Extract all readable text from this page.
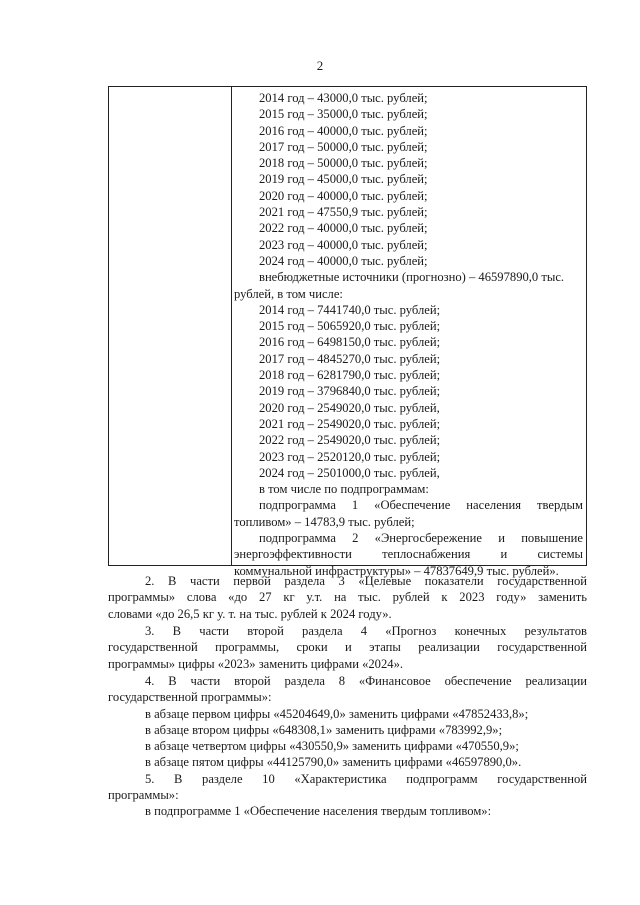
2
2014 год – 43000,0 тыс. рублей;
2015 год – 35000,0 тыс. рублей;
2016 год – 40000,0 тыс. рублей;
2017 год – 50000,0 тыс. рублей;
2018 год – 50000,0 тыс. рублей;
2019 год – 45000,0 тыс. рублей;
2020 год – 40000,0 тыс. рублей;
2021 год – 47550,9 тыс. рублей;
2022 год – 40000,0 тыс. рублей;
2023 год – 40000,0 тыс. рублей;
2024 год – 40000,0 тыс. рублей;
внебюджетные источники (прогнозно) – 46597890,0 тыс.
рублей, в том числе:
2014 год – 7441740,0 тыс. рублей;
2015 год – 5065920,0 тыс. рублей;
2016 год – 6498150,0 тыс. рублей;
2017 год – 4845270,0 тыс. рублей;
2018 год – 6281790,0 тыс. рублей;
2019 год – 3796840,0 тыс. рублей;
2020 год – 2549020,0 тыс. рублей,
2021 год – 2549020,0 тыс. рублей;
2022 год – 2549020,0 тыс. рублей;
2023 год – 2520120,0 тыс. рублей;
2024 год – 2501000,0 тыс. рублей,
в том числе по подпрограммам:
подпрограмма 1 «Обеспечение населения твердым
топливом» – 14783,9 тыс. рублей;
подпрограмма 2 «Энергосбережение и повышение
энергоэффективности теплоснабжения и системы
коммунальной инфраструктуры» – 47837649,9 тыс. рублей».
2. В части первой раздела 3 «Целевые показатели государственной
программы» слова «до 27 кг у.т. на тыс. рублей к 2023 году» заменить
словами «до 26,5 кг у. т. на тыс. рублей к 2024 году».
3. В части второй раздела 4 «Прогноз конечных результатов
государственной программы, сроки и этапы реализации государственной
программы» цифры «2023» заменить цифрами «2024».
4. В части второй раздела 8 «Финансовое обеспечение реализации
государственной программы»:
в абзаце первом цифры «45204649,0» заменить цифрами «47852433,8»;
в абзаце втором цифры «648308,1» заменить цифрами «783992,9»;
в абзаце четвертом цифры «430550,9» заменить цифрами «470550,9»;
в абзаце пятом цифры «44125790,0» заменить цифрами «46597890,0».
5. В разделе 10 «Характеристика подпрограмм государственной
программы»:
в подпрограмме 1 «Обеспечение населения твердым топливом»:
